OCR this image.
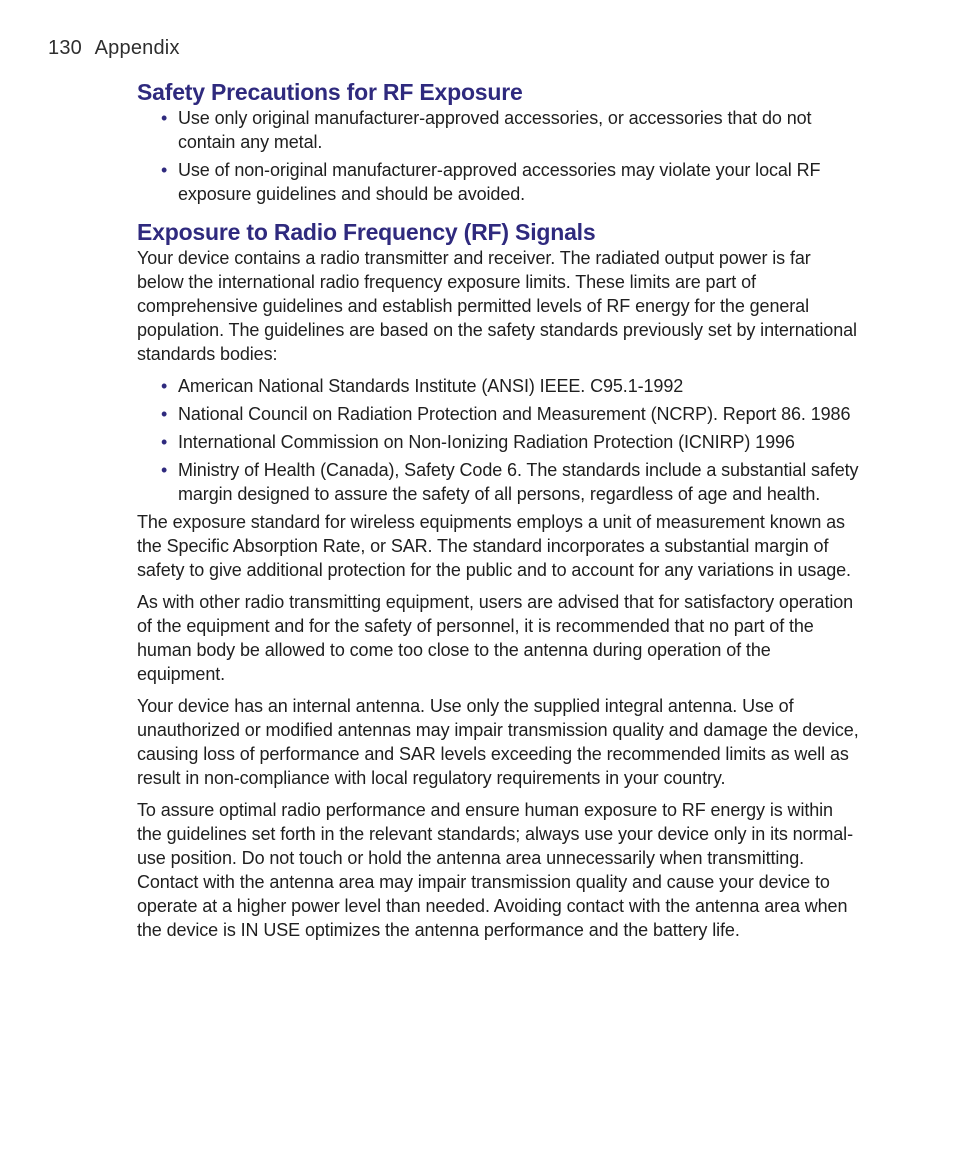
130 Appendix
Safety Precautions for RF Exposure
• Use only original manufacturer-approved accessories, or accessories that do not contain any metal.
• Use of non-original manufacturer-approved accessories may violate your local RF exposure guidelines and should be avoided.
Exposure to Radio Frequency (RF) Signals

Your device contains a radio transmitter and receiver. The radiated output power is far below the international radio frequency exposure limits. These limits are part of comprehensive guidelines and establish permitted levels of RF energy for the general population. The guidelines are based on the safety standards previously set by international standards bodies:

• American National Standards Institute (ANSI) IEEE. C95.1-1992
• National Council on Radiation Protection and Measurement (NCRP). Report 86. 1986
• International Commission on Non-Ionizing Radiation Protection (ICNIRP) 1996
• Ministry of Health (Canada), Safety Code 6. The standards include a substantial safety margin designed to assure the safety of all persons, regardless of age and health.

The exposure standard for wireless equipments employs a unit of measurement known as the Specific Absorption Rate, or SAR. The standard incorporates a substantial margin of safety to give additional protection for the public and to account for any variations in usage.

As with other radio transmitting equipment, users are advised that for satisfactory operation of the equipment and for the safety of personnel, it is recommended that no part of the human body be allowed to come too close to the antenna during operation of the equipment.

Your device has an internal antenna. Use only the supplied integral antenna. Use of unauthorized or modified antennas may impair transmission quality and damage the device, causing loss of performance and SAR levels exceeding the recommended limits as well as result in non-compliance with local regulatory requirements in your country.

To assure optimal radio performance and ensure human exposure to RF energy is within the guidelines set forth in the relevant standards; always use your device only in its normal-use position. Do not touch or hold the antenna area unnecessarily when transmitting. Contact with the antenna area may impair transmission quality and cause your device to operate at a higher power level than needed. Avoiding contact with the antenna area when the device is IN USE optimizes the antenna performance and the battery life.
